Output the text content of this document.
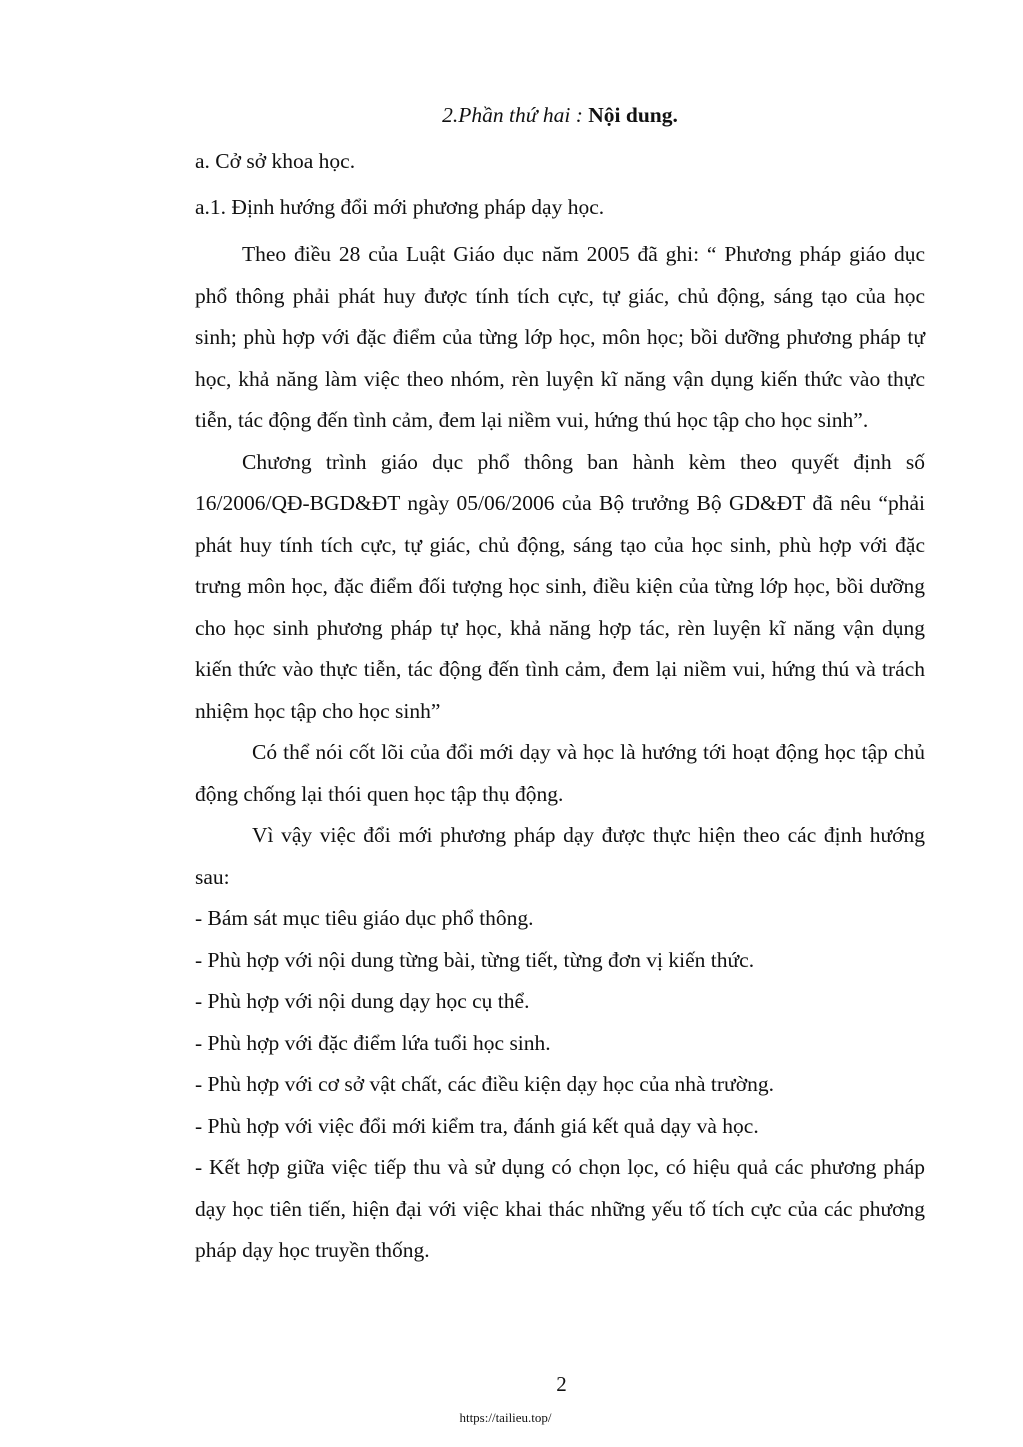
2.Phần thứ hai : Nội dung.

a. Cở sở khoa học.

a.1. Định hướng đổi mới phương pháp dạy học.

Theo điều 28 của Luật Giáo dục năm 2005 đã ghi: “ Phương pháp giáo dục phổ thông phải phát huy được tính tích cực, tự giác, chủ động, sáng tạo của học sinh; phù hợp với đặc điểm của từng lớp học, môn học; bồi dưỡng phương pháp tự học, khả năng làm việc theo nhóm, rèn luyện kĩ năng vận dụng kiến thức vào thực tiễn, tác động đến tình cảm, đem lại niềm vui, hứng thú học tập cho học sinh”.

Chương trình giáo dục phổ thông ban hành kèm theo quyết định số 16/2006/QĐ-BGD&ĐT ngày 05/06/2006 của Bộ trưởng Bộ GD&ĐT đã nêu “phải phát huy tính tích cực, tự giác, chủ động, sáng tạo của học sinh, phù hợp với đặc trưng môn học, đặc điểm đối tượng học sinh, điều kiện của từng lớp học, bồi dưỡng cho học sinh phương pháp tự học, khả năng hợp tác, rèn luyện kĩ năng vận dụng kiến thức vào thực tiễn, tác động đến tình cảm, đem lại niềm vui, hứng thú và trách nhiệm học tập cho học sinh”

Có thể nói cốt lõi của đổi mới dạy và học là hướng tới hoạt động học tập chủ động chống lại thói quen học tập thụ động.

Vì vậy việc đổi mới phương pháp dạy được thực hiện theo các định hướng sau:

- Bám sát mục tiêu giáo dục phổ thông.

- Phù hợp với nội dung từng bài, từng tiết, từng đơn vị kiến thức.

- Phù hợp với nội dung dạy học cụ thể.

- Phù hợp với đặc điểm lứa tuổi học sinh.

- Phù hợp với cơ sở vật chất, các điều kiện dạy học của nhà trường.

- Phù hợp với việc đổi mới kiểm tra, đánh giá kết quả dạy và học.

- Kết hợp giữa việc tiếp thu và sử dụng có chọn lọc, có hiệu quả các phương pháp dạy học tiên tiến, hiện đại với việc khai thác những yếu tố tích cực của các phương pháp dạy học truyền thống.

2
https://tailieu.top/
